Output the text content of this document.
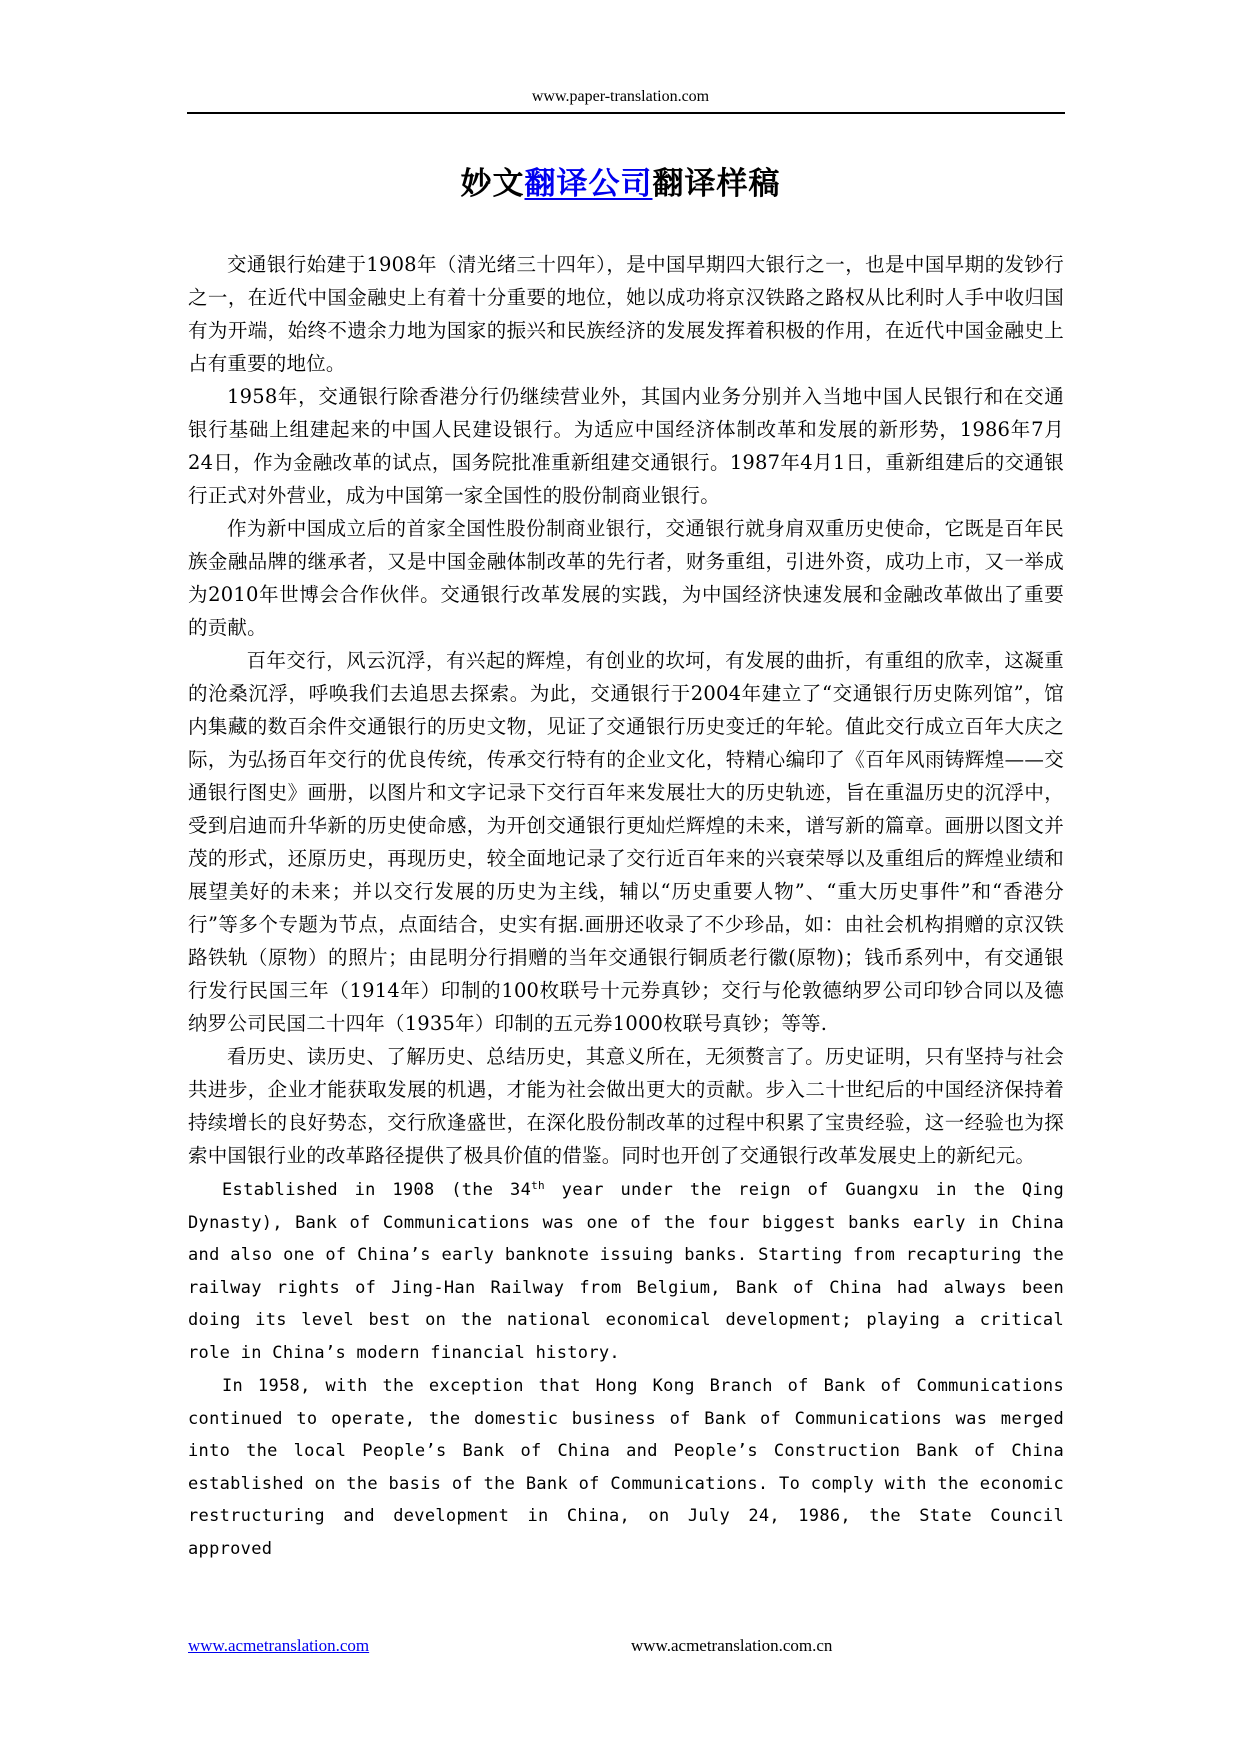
www.paper-translation.com
妙文翻译公司翻译样稿

交通银行始建于1908年（清光绪三十四年），是中国早期四大银行之一，也是中国早期的发钞行之一，在近代中国金融史上有着十分重要的地位，她以成功将京汉铁路之路权从比利时人手中收归国有为开端，始终不遗余力地为国家的振兴和民族经济的发展发挥着积极的作用，在近代中国金融史上占有重要的地位。

1958年，交通银行除香港分行仍继续营业外，其国内业务分别并入当地中国人民银行和在交通银行基础上组建起来的中国人民建设银行。为适应中国经济体制改革和发展的新形势，1986年7月24日，作为金融改革的试点，国务院批准重新组建交通银行。1987年4月1日，重新组建后的交通银行正式对外营业，成为中国第一家全国性的股份制商业银行。

作为新中国成立后的首家全国性股份制商业银行，交通银行就身肩双重历史使命，它既是百年民族金融品牌的继承者，又是中国金融体制改革的先行者，财务重组，引进外资，成功上市，又一举成为2010年世博会合作伙伴。交通银行改革发展的实践，为中国经济快速发展和金融改革做出了重要的贡献。

百年交行，风云沉浮，有兴起的辉煌，有创业的坎坷，有发展的曲折，有重组的欣幸，这凝重的沧桑沉浮，呼唤我们去追思去探索。为此，交通银行于2004年建立了“交通银行历史陈列馆”，馆内集藏的数百余件交通银行的历史文物，见证了交通银行历史变迁的年轮。值此交行成立百年大庆之际，为弘扬百年交行的优良传统，传承交行特有的企业文化，特精心编印了《百年风雨铸辉煌——交通银行图史》画册，以图片和文字记录下交行百年来发展壮大的历史轨迹，旨在重温历史的沉浮中，受到启迪而升华新的历史使命感，为开创交通银行更灿烂辉煌的未来，谱写新的篇章。画册以图文并茂的形式，还原历史，再现历史，较全面地记录了交行近百年来的兴衰荣辱以及重组后的辉煌业绩和展望美好的未来；并以交行发展的历史为主线，辅以“历史重要人物”、“重大历史事件”和“香港分行”等多个专题为节点，点面结合，史实有据.画册还收录了不少珍品，如：由社会机构捐赠的京汉铁路铁轨（原物）的照片；由昆明分行捐赠的当年交通银行铜质老行徽(原物)；钱币系列中，有交通银行发行民国三年（1914年）印制的100枚联号十元券真钞；交行与伦敦德纳罗公司印钞合同以及德纳罗公司民国二十四年（1935年）印制的五元券1000枚联号真钞；等等.

看历史、读历史、了解历史、总结历史，其意义所在，无须赘言了。历史证明，只有坚持与社会共进步，企业才能获取发展的机遇，才能为社会做出更大的贡献。步入二十世纪后的中国经济保持着持续增长的良好势态，交行欣逢盛世，在深化股份制改革的过程中积累了宝贵经验，这一经验也为探索中国银行业的改革路径提供了极具价值的借鉴。同时也开创了交通银行改革发展史上的新纪元。

Established in 1908 (the 34th year under the reign of Guangxu in the Qing Dynasty), Bank of Communications was one of the four biggest banks early in China and also one of China’s early banknote issuing banks. Starting from recapturing the railway rights of Jing-Han Railway from Belgium, Bank of China had always been doing its level best on the national economical development; playing a critical role in China’s modern financial history.

In 1958, with the exception that Hong Kong Branch of Bank of Communications continued to operate, the domestic business of Bank of Communications was merged into the local People’s Bank of China and People’s Construction Bank of China established on the basis of the Bank of Communications. To comply with the economic restructuring and development in China, on July 24, 1986, the State Council approved

www.acmetranslation.com	www.acmetranslation.com.cn
